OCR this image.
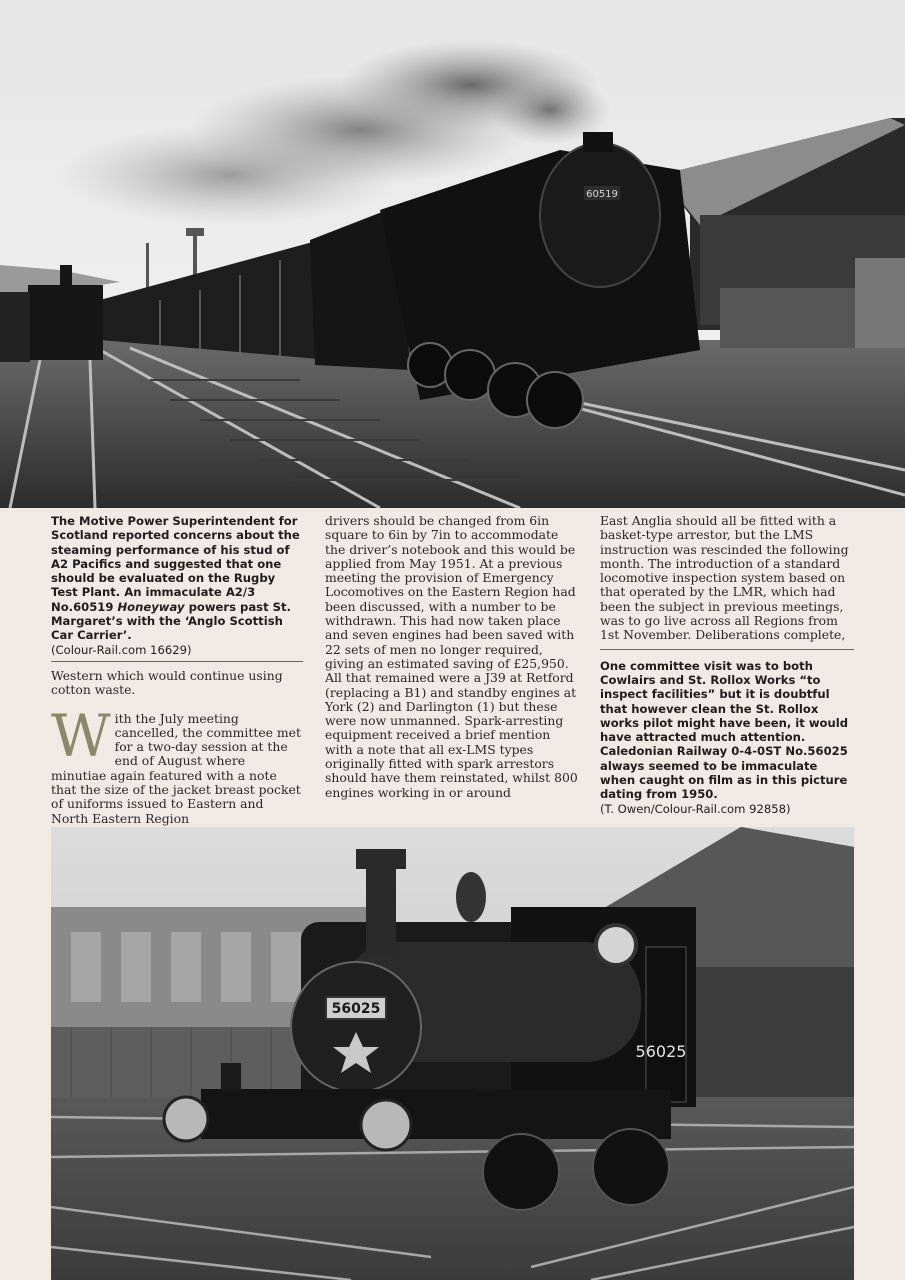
60519
The Motive Power Superintendent for Scotland reported concerns about the steaming performance of his stud of A2 Pacifics and suggested that one should be evaluated on the Rugby Test Plant. An immaculate A2/3 No.60519 Honeyway powers past St. Margaret’s with the ‘Anglo Scottish Car Carrier’.
(Colour-Rail.com 16629)

Western which would continue using cotton waste.

With the July meeting cancelled, the committee met for a two-day session at the end of August where minutiae again featured with a note that the size of the jacket breast pocket of uniforms issued to Eastern and North Eastern Region

drivers should be changed from 6in square to 6in by 7in to accommodate the driver’s notebook and this would be applied from May 1951. At a previous meeting the provision of Emergency Locomotives on the Eastern Region had been discussed, with a number to be withdrawn. This had now taken place and seven engines had been saved with 22 sets of men no longer required, giving an estimated saving of £25,950. All that remained were a J39 at Retford (replacing a B1) and standby engines at York (2) and Darlington (1) but these were now unmanned. Spark-arresting equipment received a brief mention with a note that all ex-LMS types originally fitted with spark arrestors should have them reinstated, whilst 800 engines working in or around

East Anglia should all be fitted with a basket-type arrestor, but the LMS instruction was rescinded the following month. The introduction of a standard locomotive inspection system based on that operated by the LMR, which had been the subject in previous meetings, was to go live across all Regions from 1st November. Deliberations complete,

One committee visit was to both Cowlairs and St. Rollox Works “to inspect facilities” but it is doubtful that however clean the St. Rollox works pilot might have been, it would have attracted much attention. Caledonian Railway 0-4-0ST No.56025 always seemed to be immaculate when caught on film as in this picture dating from 1950.
(T. Owen/Colour-Rail.com 92858)
56025
56025
